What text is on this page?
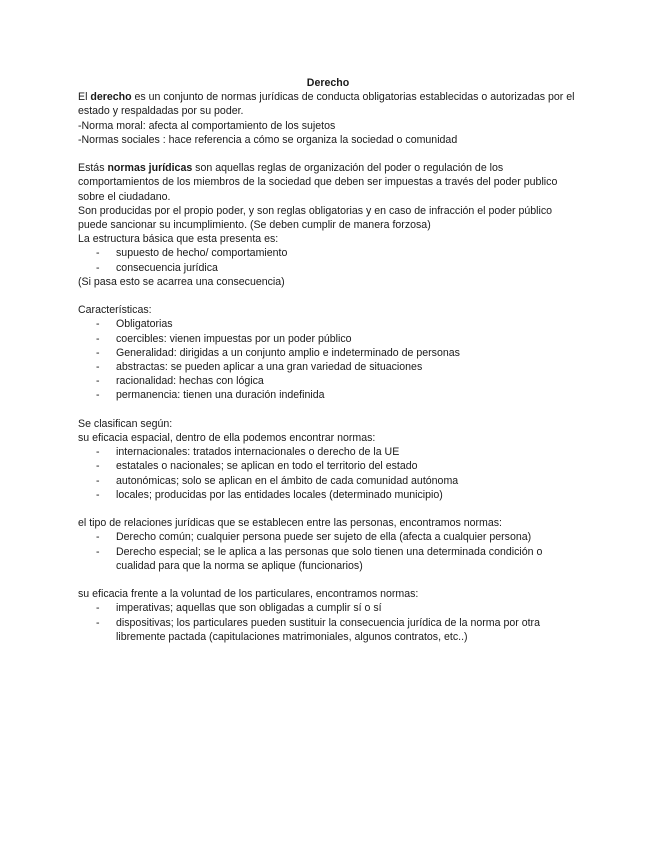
Derecho

El derecho es un conjunto de normas jurídicas de conducta obligatorias establecidas o autorizadas por el estado y respaldadas por su poder.

-Norma moral: afecta al comportamiento de los sujetos

-Normas sociales : hace referencia a cómo se organiza la sociedad o comunidad

Estás normas jurídicas son aquellas reglas de organización del poder o regulación de los comportamientos de los miembros de la sociedad que deben ser impuestas a través del poder publico sobre el ciudadano.

Son producidas por el propio poder, y son reglas obligatorias y en caso de infracción el poder público puede sancionar su incumplimiento. (Se deben cumplir de manera forzosa)

La estructura básica que esta presenta es:

- supuesto de hecho/ comportamiento
- consecuencia jurídica

(Si pasa esto se acarrea una consecuencia)

Características:

- Obligatorias
- coercibles: vienen impuestas por un poder público
- Generalidad: dirigidas a un conjunto amplio e indeterminado de personas
- abstractas: se pueden aplicar a una gran variedad de situaciones
- racionalidad: hechas con lógica
- permanencia: tienen una duración indefinida

Se clasifican según:

su eficacia espacial, dentro de ella podemos encontrar normas:

- internacionales: tratados internacionales o derecho de la UE
- estatales o nacionales; se aplican en todo el territorio del estado
- autonómicas; solo se aplican en el ámbito de cada comunidad autónoma
- locales; producidas por las entidades locales (determinado municipio)

el tipo de relaciones jurídicas que se establecen entre las personas, encontramos normas:

- Derecho común; cualquier persona puede ser sujeto de ella (afecta a cualquier persona)
- Derecho especial; se le aplica a las personas que solo tienen una determinada condición o cualidad para que la norma se aplique (funcionarios)

su eficacia frente a la voluntad de los particulares, encontramos normas:

- imperativas; aquellas que son obligadas a cumplir sí o sí
- dispositivas; los particulares pueden sustituir la consecuencia jurídica de la norma por otra libremente pactada (capitulaciones matrimoniales, algunos contratos, etc..)
